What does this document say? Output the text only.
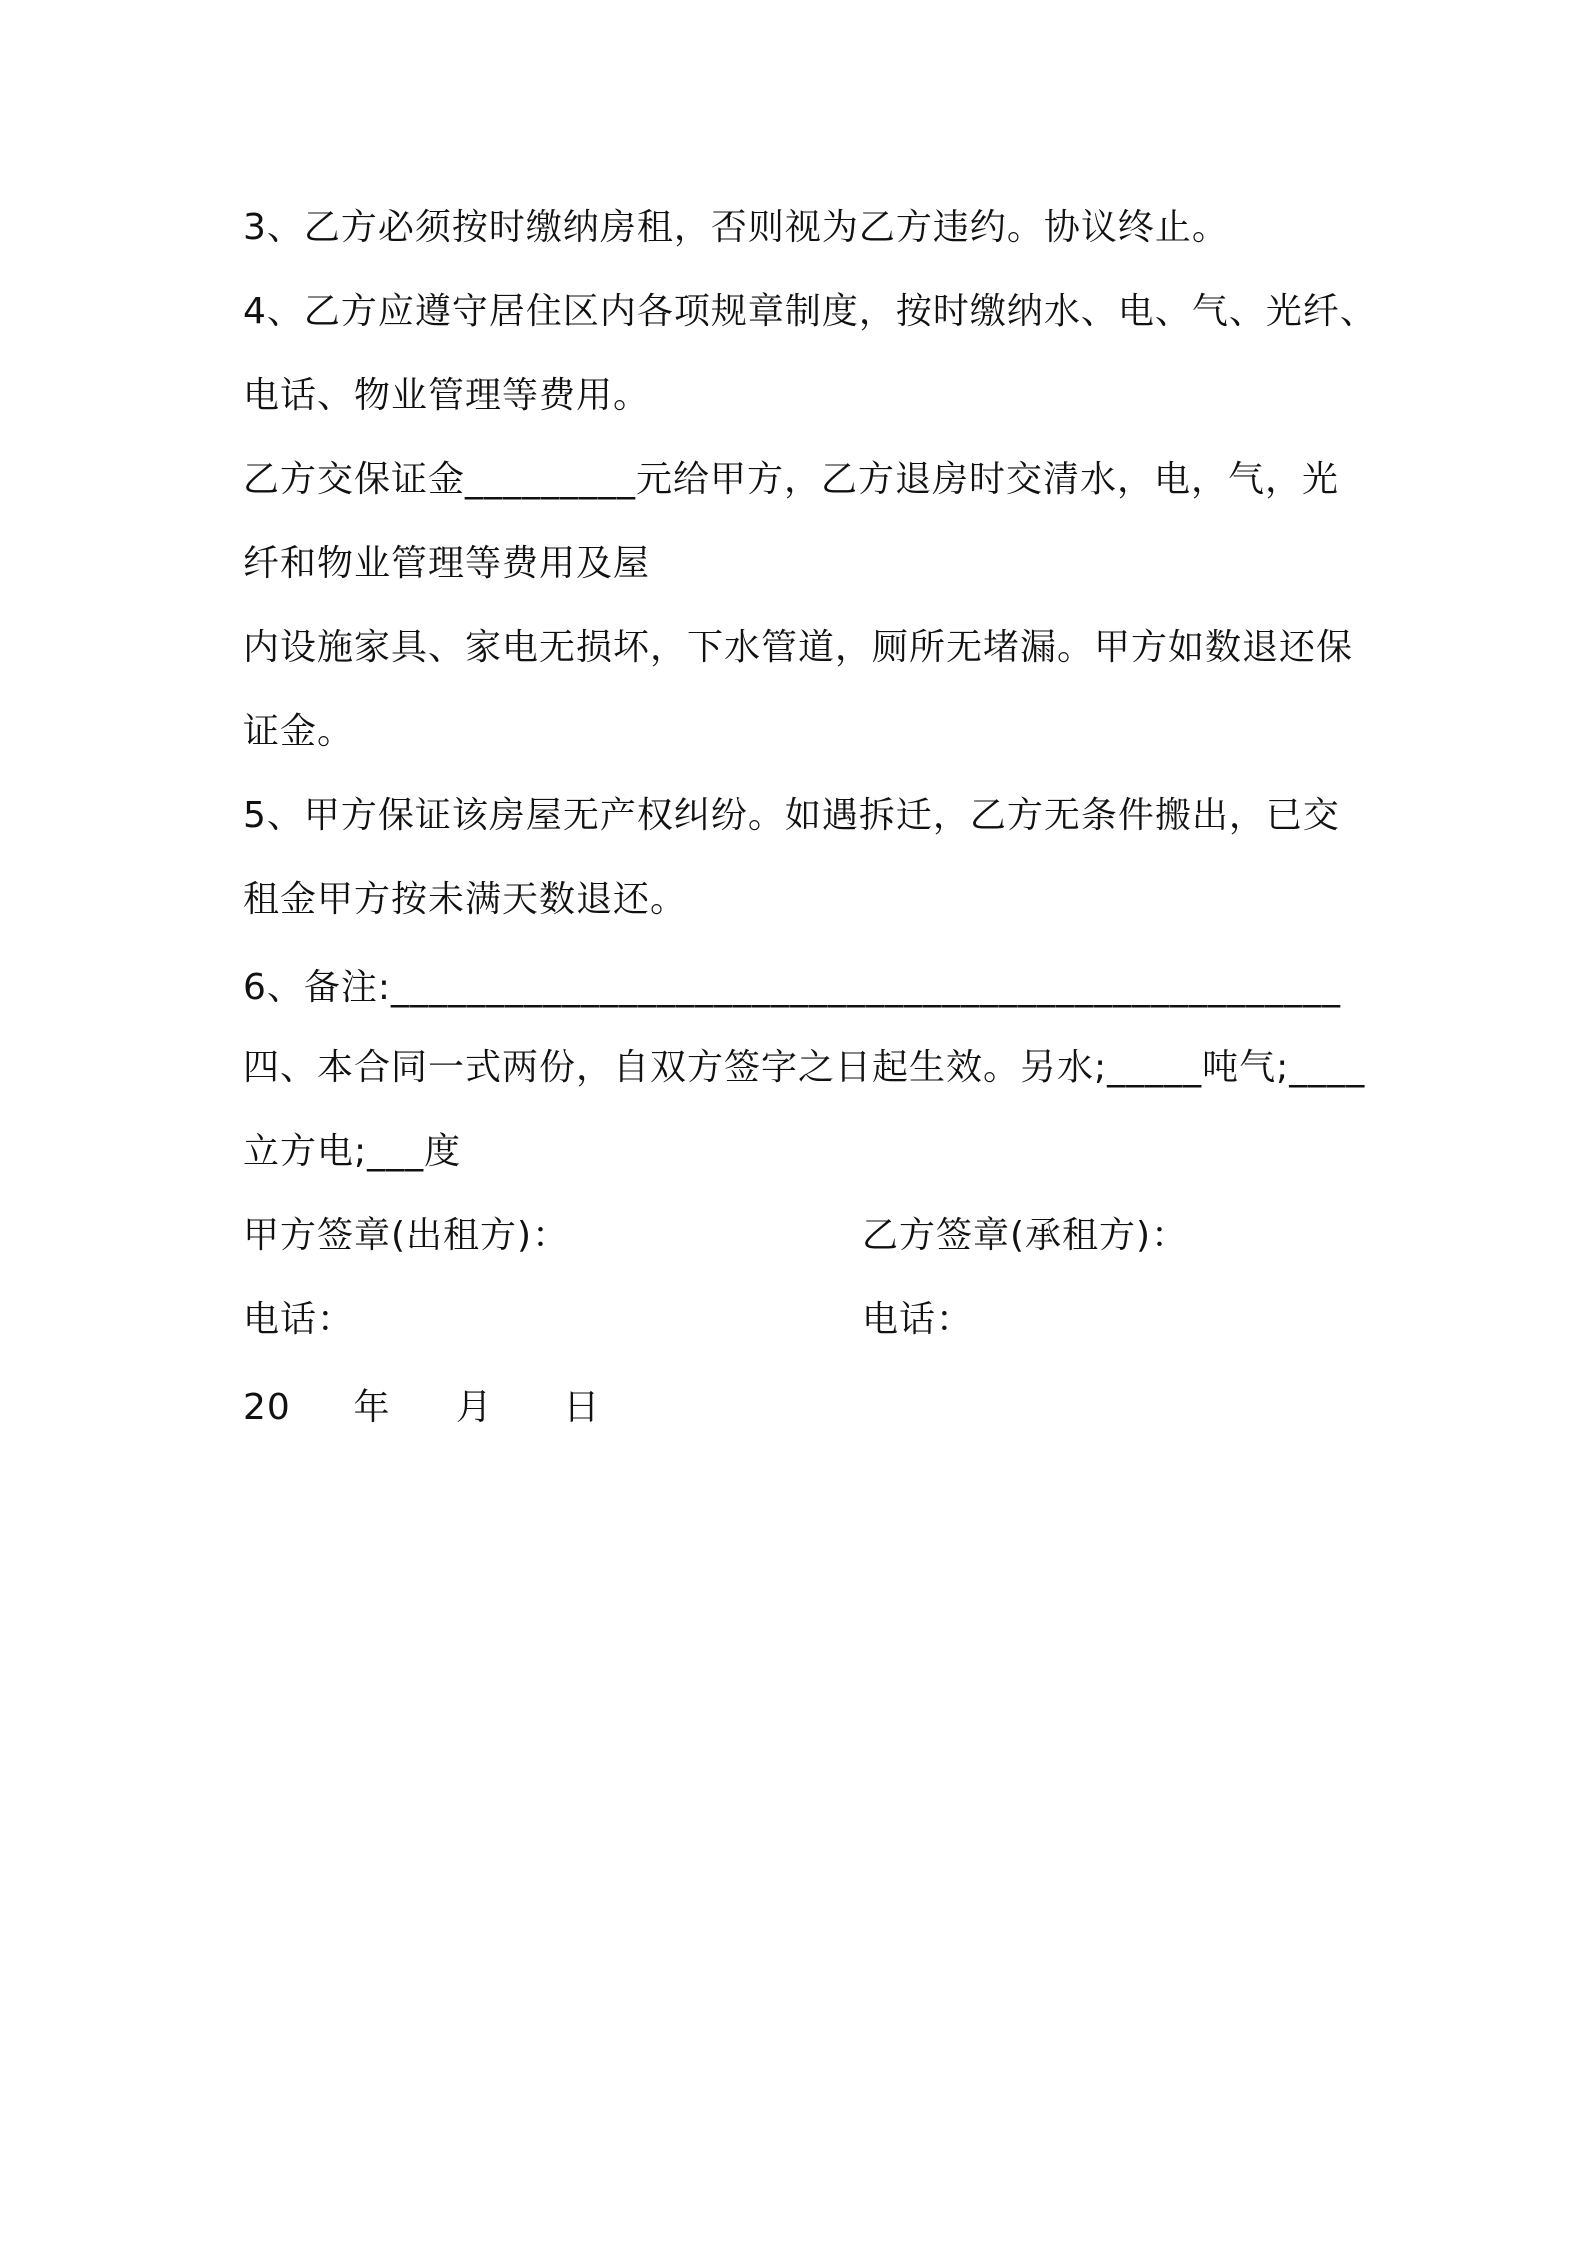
3、乙方必须按时缴纳房租，否则视为乙方违约。协议终止。
4、乙方应遵守居住区内各项规章制度，按时缴纳水、电、气、光纤、
电话、物业管理等费用。
乙方交保证金_________元给甲方，乙方退房时交清水，电，气，光
纤和物业管理等费用及屋
内设施家具、家电无损坏，下水管道，厕所无堵漏。甲方如数退还保
证金。
5、甲方保证该房屋无产权纠纷。如遇拆迁，乙方无条件搬出，已交
租金甲方按未满天数退还。
6、备注:__________________________________________________
四、本合同一式两份，自双方签字之日起生效。另水;_____吨气;____
立方电;___度
甲方签章(出租方)：	乙方签章(承租方)：
电话：	电话：
20 年 月 日
